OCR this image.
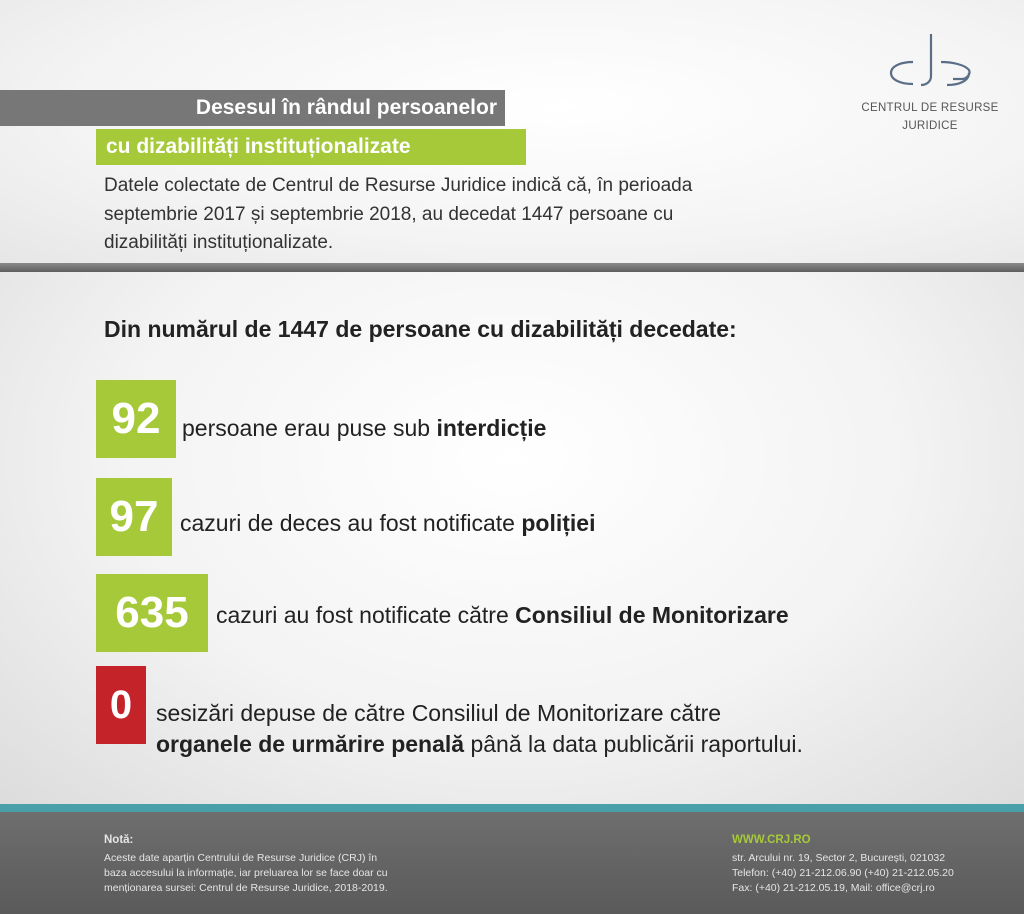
CENTRUL DE RESURSE
JURIDICE
Desesul în rândul persoanelor
cu dizabilități instituționalizate
Datele colectate de Centrul de Resurse Juridice indică că, în perioada
septembrie 2017 și septembrie 2018, au decedat 1447 persoane cu
dizabilități instituționalizate.
Din numărul de 1447 de persoane cu dizabilități decedate:
92 persoane erau puse sub interdicție
97 cazuri de deces au fost notificate poliției
635 cazuri au fost notificate către Consiliul de Monitorizare
0 sesizări depuse de către Consiliul de Monitorizare către
organele de urmărire penală până la data publicării raportului.
Notă:
Aceste date aparțin Centrului de Resurse Juridice (CRJ) în
baza accesului la informație, iar preluarea lor se face doar cu
menționarea sursei: Centrul de Resurse Juridice, 2018-2019.
WWW.CRJ.RO
str. Arcului nr. 19, Sector 2, București, 021032
Telefon: (+40) 21-212.06.90 (+40) 21-212.05.20
Fax: (+40) 21-212.05.19, Mail: office@crj.ro
